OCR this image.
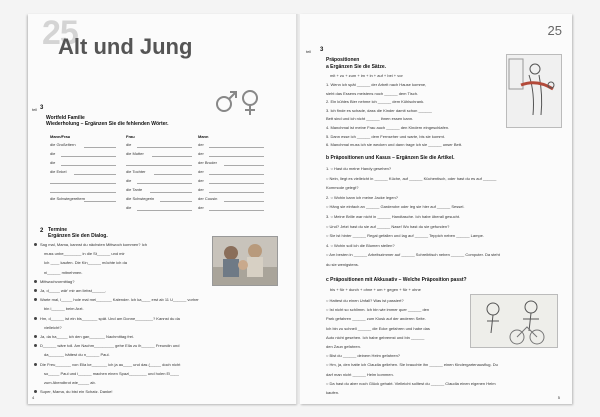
25
Alt und Jung
teil 3
Wortfeld Familie
Wiederholung – Ergänzen Sie die fehlenden Wörter.
Mann/Frau	Frau	Mann
die Großeltern
die
die
die Enkel
die Schwiegereltern
die
die Mutter
die Tochter
die
die Tante
die Schwiegerin
die
der
der
der Bruder
der
der
der
der Cousin
der
2 Termine
Ergänzen Sie den Dialog.
Sag mal, Mama, kannst du nächsten Mittwoch kommen? Ich
muss unbe________ in die St______ und mir
Ich ____ kaufen. Die Kin______ möchte ich da
ni______ mitnehmen.
Mittwochvormittag?
Ja, d_____ wär' mir am liebst______.
Warte mal, i_____ hole mal mei_______ Kalender. Ich ka____ erst ab 11 U______ vorher
bin i______ beim Arzt.
Hm, d______ ist ein bis_______ spät. Und am Donne________? Kannst du da
vielleicht?
Ja, da ha_____ ich den gan_______ Nachmittag frei.
D______ wäre toll. Am Nachm_________ gehe Ella zu ih______ Freundin und
da_______ hättest du n______ Paul.
Die Freu_______ von Ella ke_______ ich ja au____ und das (_____ doch nicht
so_____ Paul und i______ machen einen Spazi________ und holen El____
zum Abendbrot wie_____ ab.
Super, Mama, du bist ein Schatz. Danke!
4
25
teil 3
Präpositionen
a Ergänzen Sie die Sätze.
mit + zu + zum + im + in + auf + bei + vor
1. Wenn ich spät ______ der Arbeit nach Hause komme,
sieht das Essens meistens noch ______ dem Tisch.
2. Ein kühles Bier nehme ich ______ dem Kühlschrank.
3. Ich finde es schade, dass die Kinder damit schon ______
Bett sind und ich nicht ______ ihnen essen kann.
4. Manchmal ist meine Frau auch ______ den Kindern eingeschlafen.
5. Dann esse ich ______ dem Fernseher und warte, bis sie kommt.
6. Manchmal muss ich sie wecken und dann trage ich sie ______ unser Bett.
b Präpositionen und Kasus – Ergänzen Sie die Artikel.
1. ○ Hast du meine Handy gesehen?
○ Nein, liegt es vielleicht in ______ Küche, auf ______ Küchentisch, oder hast du es auf ______
Kommode gelegt?
2. ○ Wohin kann ich meine Jacke legen?
○ Häng sie einfach an ______ Garderobe oder leg sie hier auf ______ Sessel.
3. ○ Meine Brille war nicht in ______ Handtasche. Ich habe überall gesucht.
○ Und? Jetzt hast du sie auf ______ Nase! Wo hast du sie gefunden?
○ Sie ist hinter ______ Regal gefallen und lag auf ______ Teppich neben ______ Lampe.
4. ○ Wohin soll ich die Blumen stellen?
○ Am besten in ______ Arbeitszimmer auf ______ Schreibtisch neben ______ Computer. Da steht
du sie wenigstens.
c Präpositionen mit Akkusativ – Welche Präposition passt?
bis + für + durch + ohne + um + gegen + für + ohne
○ Hattest du einen Unfall? Was ist passiert?
○ Ist nicht so schlimm. Ich bin wie immer quer ______ den
Park gefahren ______ zum Kiosk auf der anderen Seite.
Ich bin zu schnell ______ die Ecke gefahren und habe das
Auto nicht gesehen. Ich habe gebremst und bin ______
den Zaun gefahren.
○ Bist du ______ deinem Helm gefahren?
○ Hm, ja, den hatte ich Claudia geliehen. Sie brauchte ihn ______ einen Kindergartenausflug. Du
darf man nicht ______ Helm kommen.
○ Da hast du aber noch Glück gehabt. Vielleicht solltest du ______ Claudia einen eigenen Helm
kaufen.
5
